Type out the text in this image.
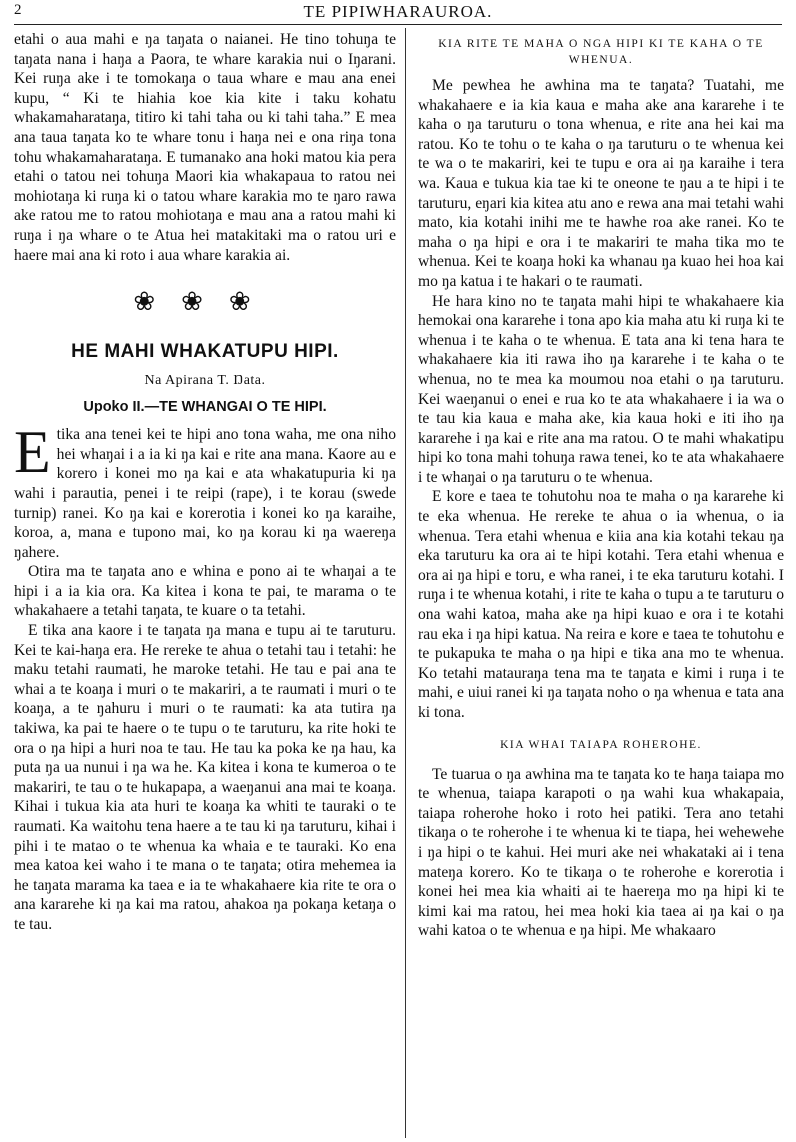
2	TE PIPIWHARAUROA.

etahi o aua mahi e ŋa taŋata o naianei. He tino tohuŋa te taŋata nana i haŋa a Paora, te whare karakia nui o Iŋarani. Kei ruŋa ake i te tomokaŋa o taua whare e mau ana enei kupu, “ Ki te hiahia koe kia kite i taku kohatu whakamaharataŋa, titiro ki tahi taha ou ki tahi taha.” E mea ana taua taŋata ko te whare tonu i haŋa nei e ona riŋa tona tohu whakamaharataŋa. E tumanako ana hoki matou kia pera etahi o tatou nei tohuŋa Maori kia whakapaua to ratou nei mohiotaŋa ki ruŋa ki o tatou whare karakia mo te ŋaro rawa ake ratou me to ratou mohiotaŋa e mau ana a ratou mahi ki ruŋa i ŋa whare o te Atua hei matakitaki ma o ratou uri e haere mai ana ki roto i aua whare karakia ai.

❀❀❀
HE MAHI WHAKATUPU HIPI.
Na Apirana T. Ŋata.
Upoko II.—TE WHANGAI O TE HIPI.

Etika ana tenei kei te hipi ano tona waha, me ona niho hei whaŋai i a ia ki ŋa kai e rite ana mana. Kaore au e korero i konei mo ŋa kai e ata whakatupuria ki ŋa wahi i parautia, penei i te reipi (rape), i te korau (swede turnip) ranei. Ko ŋa kai e korerotia i konei ko ŋa karaihe, koroa, a, mana e tupono mai, ko ŋa korau ki ŋa waereŋa ŋahere.

Otira ma te taŋata ano e whina e pono ai te whaŋai a te hipi i a ia kia ora. Ka kitea i kona te pai, te marama o te whakahaere a tetahi taŋata, te kuare o ta tetahi.

E tika ana kaore i te taŋata ŋa mana e tupu ai te taruturu. Kei te kai-haŋa era. He rereke te ahua o tetahi tau i tetahi: he maku tetahi raumati, he maroke tetahi. He tau e pai ana te whai a te koaŋa i muri o te makariri, a te raumati i muri o te koaŋa, a te ŋahuru i muri o te raumati: ka ata tutira ŋa takiwa, ka pai te haere o te tupu o te taruturu, ka rite hoki te ora o ŋa hipi a huri noa te tau. He tau ka poka ke ŋa hau, ka puta ŋa ua nunui i ŋa wa he. Ka kitea i kona te kumeroa o te makariri, te tau o te hukapapa, a waeŋanui ana mai te koaŋa. Kihai i tukua kia ata huri te koaŋa ka whiti te tauraki o te raumati. Ka waitohu tena haere a te tau ki ŋa taruturu, kihai i pihi i te matao o te whenua ka whaia e te tauraki. Ko ena mea katoa kei waho i te mana o te taŋata; otira mehemea ia he taŋata marama ka taea e ia te whakahaere kia rite te ora o ana kararehe ki ŋa kai ma ratou, ahakoa ŋa pokaŋa ketaŋa o te tau.

KIA RITE TE MAHA O NGA HIPI KI TE KAHA O TE WHENUA.

Me pewhea he awhina ma te taŋata? Tuatahi, me whakahaere e ia kia kaua e maha ake ana kararehe i te kaha o ŋa taruturu o tona whenua, e rite ana hei kai ma ratou. Ko te tohu o te kaha o ŋa taruturu o te whenua kei te wa o te makariri, kei te tupu e ora ai ŋa karaihe i tera wa. Kaua e tukua kia tae ki te oneone te ŋau a te hipi i te taruturu, eŋari kia kitea atu ano e rewa ana mai tetahi wahi mato, kia kotahi inihi me te hawhe roa ake ranei. Ko te maha o ŋa hipi e ora i te makariri te maha tika mo te whenua. Kei te koaŋa hoki ka whanau ŋa kuao hei hoa kai mo ŋa katua i te hakari o te raumati.

He hara kino no te taŋata mahi hipi te whakahaere kia hemokai ona kararehe i tona apo kia maha atu ki ruŋa ki te whenua i te kaha o te whenua. E tata ana ki tena hara te whakahaere kia iti rawa iho ŋa kararehe i te kaha o te whenua, no te mea ka moumou noa etahi o ŋa taruturu. Kei waeŋanui o enei e rua ko te ata whakahaere i ia wa o te tau kia kaua e maha ake, kia kaua hoki e iti iho ŋa kararehe i ŋa kai e rite ana ma ratou. O te mahi whakatipu hipi ko tona mahi tohuŋa rawa tenei, ko te ata whakahaere i te whaŋai o ŋa taruturu o te whenua.

E kore e taea te tohutohu noa te maha o ŋa kararehe ki te eka whenua. He rereke te ahua o ia whenua, o ia whenua. Tera etahi whenua e kiia ana kia kotahi tekau ŋa eka taruturu ka ora ai te hipi kotahi. Tera etahi whenua e ora ai ŋa hipi e toru, e wha ranei, i te eka taruturu kotahi. I ruŋa i te whenua kotahi, i rite te kaha o tupu a te taruturu o ona wahi katoa, maha ake ŋa hipi kuao e ora i te kotahi rau eka i ŋa hipi katua. Na reira e kore e taea te tohutohu e te pukapuka te maha o ŋa hipi e tika ana mo te whenua. Ko tetahi matauraŋa tena ma te taŋata e kimi i ruŋa i te mahi, e uiui ranei ki ŋa taŋata noho o ŋa whenua e tata ana ki tona.

KIA WHAI TAIAPA ROHEROHE.

Te tuarua o ŋa awhina ma te taŋata ko te haŋa taiapa mo te whenua, taiapa karapoti o ŋa wahi kua whakapaia, taiapa roherohe hoko i roto hei patiki. Tera ano tetahi tikaŋa o te roherohe i te whenua ki te tiapa, hei wehewehe i ŋa hipi o te kahui. Hei muri ake nei whakataki ai i tena mateŋa korero. Ko te tikaŋa o te roherohe e korerotia i konei hei mea kia whaiti ai te haereŋa mo ŋa hipi ki te kimi kai ma ratou, hei mea hoki kia taea ai ŋa kai o ŋa wahi katoa o te whenua e ŋa hipi. Me whakaaro
